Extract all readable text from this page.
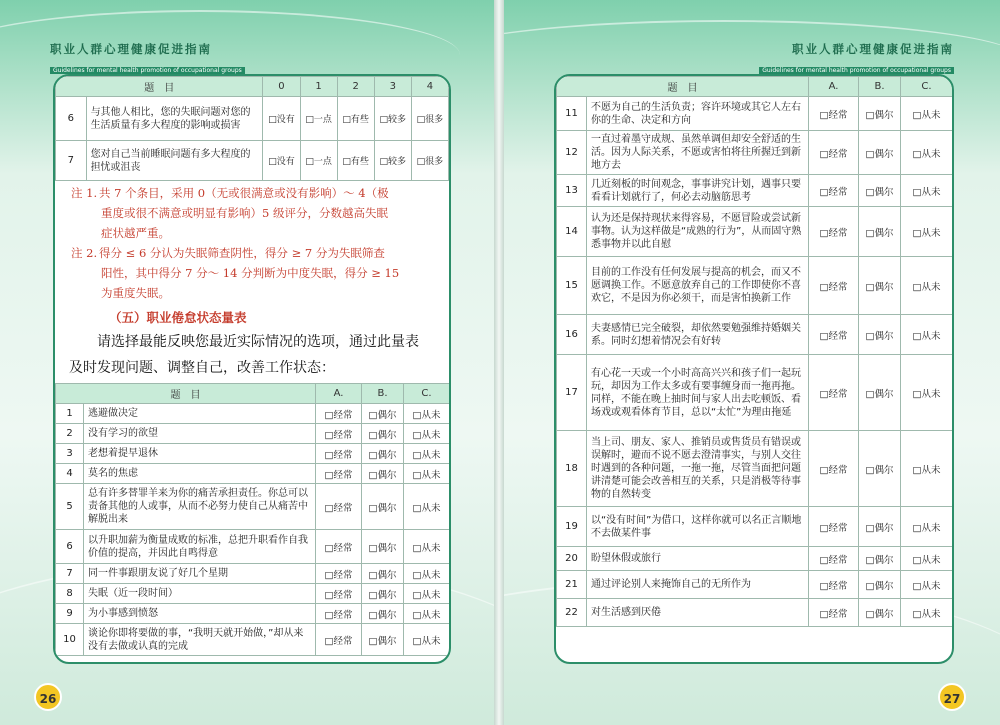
职业人群心理健康促进指南
Guidelines for mental health promotion of occupational groups
题　目		0	1	2	3	4
6	与其他人相比，您的失眠问题对您的生活质量有多大程度的影响或损害	□没有	□一点	□有些	□较多	□很多
7	您对自己当前睡眠问题有多大程度的担忧或沮丧	□没有	□一点	□有些	□较多	□很多
注 1. 共 7 个条目，采用 0（无或很满意或没有影响）～ 4（极
重度或很不满意或明显有影响）5 级评分，分数越高失眠
症状越严重。
注 2. 得分 ≤ 6 分认为失眠筛查阴性，得分 ≥ 7 分为失眠筛查
阳性，其中得分 7 分～ 14 分判断为中度失眠，得分 ≥ 15
为重度失眠。
（五）职业倦怠状态量表
请选择最能反映您最近实际情况的选项，通过此量表
及时发现问题、调整自己，改善工作状态：
题　目		A.	B.	C.
1	逃避做决定	□经常	□偶尔	□从未
2	没有学习的欲望	□经常	□偶尔	□从未
3	老想着提早退休	□经常	□偶尔	□从未
4	莫名的焦虑	□经常	□偶尔	□从未
5	总有许多替罪羊来为你的痛苦承担责任。你总可以责备其他的人或事，从而不必努力使自己从痛苦中解脱出来	□经常	□偶尔	□从未
6	以升职加薪为衡量成败的标准，总把升职看作自我价值的提高，并因此自鸣得意	□经常	□偶尔	□从未
7	同一件事跟朋友说了好几个星期	□经常	□偶尔	□从未
8	失眠（近一段时间）	□经常	□偶尔	□从未
9	为小事感到愤怒	□经常	□偶尔	□从未
10	谈论你即将要做的事，“我明天就开始做，”却从来没有去做或认真的完成	□经常	□偶尔	□从未
26
职业人群心理健康促进指南
Guidelines for mental health promotion of occupational groups
题　目		A.	B.	C.
11	不愿为自己的生活负责；容许环境或其它人左右你的生命、决定和方向	□经常	□偶尔	□从未
12	一直过着墨守成规、虽然单调但却安全舒适的生活。因为人际关系，不愿或害怕将往所握迁到新地方去	□经常	□偶尔	□从未
13	几近刻板的时间观念，事事讲究计划，遇事只要看看计划就行了，何必去动脑筋思考	□经常	□偶尔	□从未
14	认为还是保持现状来得容易，不愿冒险或尝试新事物。认为这样做是“成熟的行为”，从而固守熟悉事物并以此自慰	□经常	□偶尔	□从未
15	目前的工作没有任何发展与提高的机会，而又不愿调换工作。不愿意放弃自己的工作即使你不喜欢它，不是因为你必须干，而是害怕换新工作	□经常	□偶尔	□从未
16	夫妻感情已完全破裂，却依然要勉强维持婚姻关系。同时幻想着情况会有好转	□经常	□偶尔	□从未
17	有心花一天或一个小时高高兴兴和孩子们一起玩玩，却因为工作太多或有要事缠身而一拖再拖。同样，不能在晚上抽时间与家人出去吃顿饭、看场戏或观看体育节目，总以“太忙”为理由拖延	□经常	□偶尔	□从未
18	当上司、朋友、家人、推销员或售货员有错误或误解时，避而不说不愿去澄清事实，与别人交往时遇到的各种问题，一拖一拖，尽管当面把问题讲清楚可能会改善相互的关系，只是消极等待事物的自然转变	□经常	□偶尔	□从未
19	以“没有时间”为借口，这样你就可以名正言顺地不去做某件事	□经常	□偶尔	□从未
20	盼望休假或旅行	□经常	□偶尔	□从未
21	通过评论别人来掩饰自己的无所作为	□经常	□偶尔	□从未
22	对生活感到厌倦	□经常	□偶尔	□从未
27
